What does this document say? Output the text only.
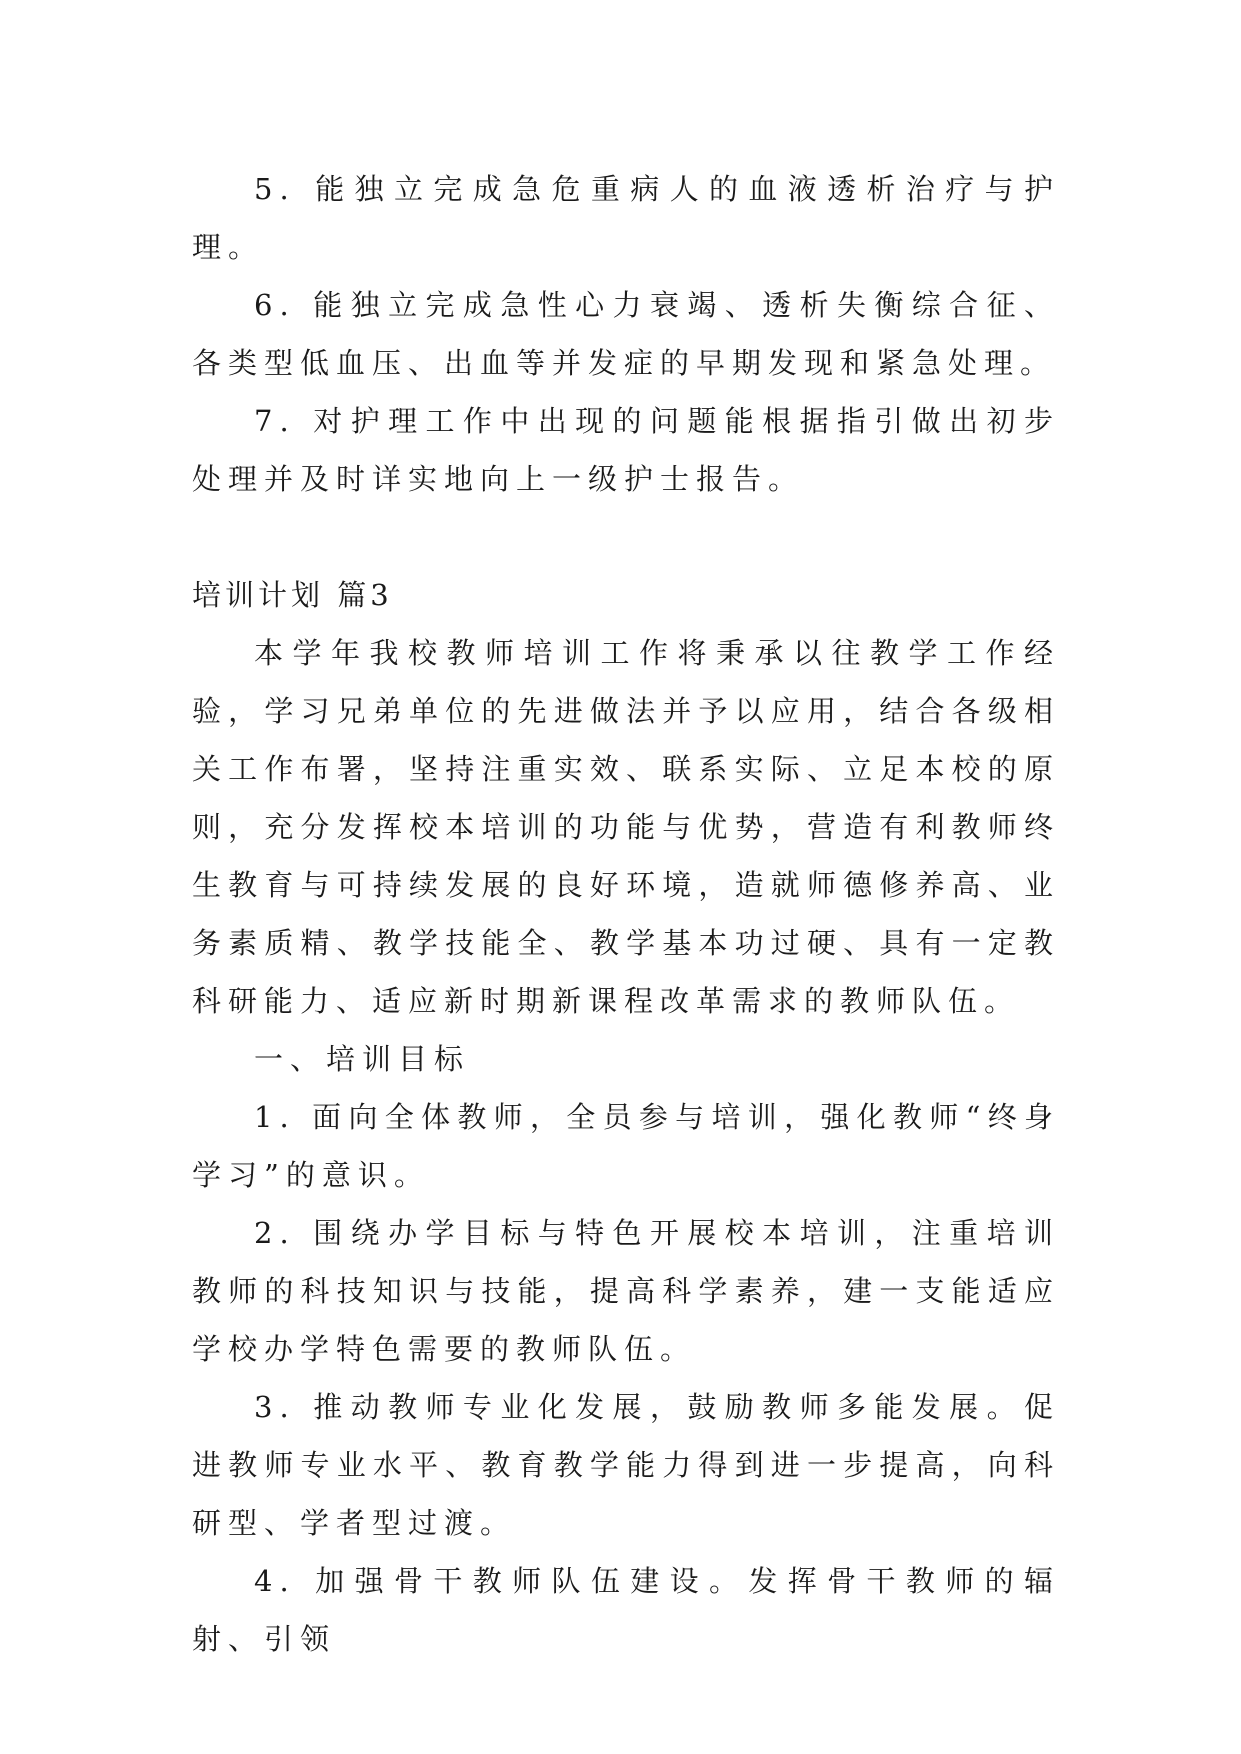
5. 能独立完成急危重病人的血液透析治疗与护理。

6. 能独立完成急性心力衰竭、透析失衡综合征、各类型低血压、出血等并发症的早期发现和紧急处理。

7. 对护理工作中出现的问题能根据指引做出初步处理并及时详实地向上一级护士报告。

培训计划 篇3

本学年我校教师培训工作将秉承以往教学工作经验，学习兄弟单位的先进做法并予以应用，结合各级相关工作布署，坚持注重实效、联系实际、立足本校的原则，充分发挥校本培训的功能与优势，营造有利教师终生教育与可持续发展的良好环境，造就师德修养高、业务素质精、教学技能全、教学基本功过硬、具有一定教科研能力、适应新时期新课程改革需求的教师队伍。

一、培训目标

1. 面向全体教师，全员参与培训，强化教师“终身学习”的意识。

2. 围绕办学目标与特色开展校本培训，注重培训教师的科技知识与技能，提高科学素养，建一支能适应学校办学特色需要的教师队伍。

3. 推动教师专业化发展，鼓励教师多能发展。促进教师专业水平、教育教学能力得到进一步提高，向科研型、学者型过渡。

4. 加强骨干教师队伍建设。发挥骨干教师的辐射、引领
